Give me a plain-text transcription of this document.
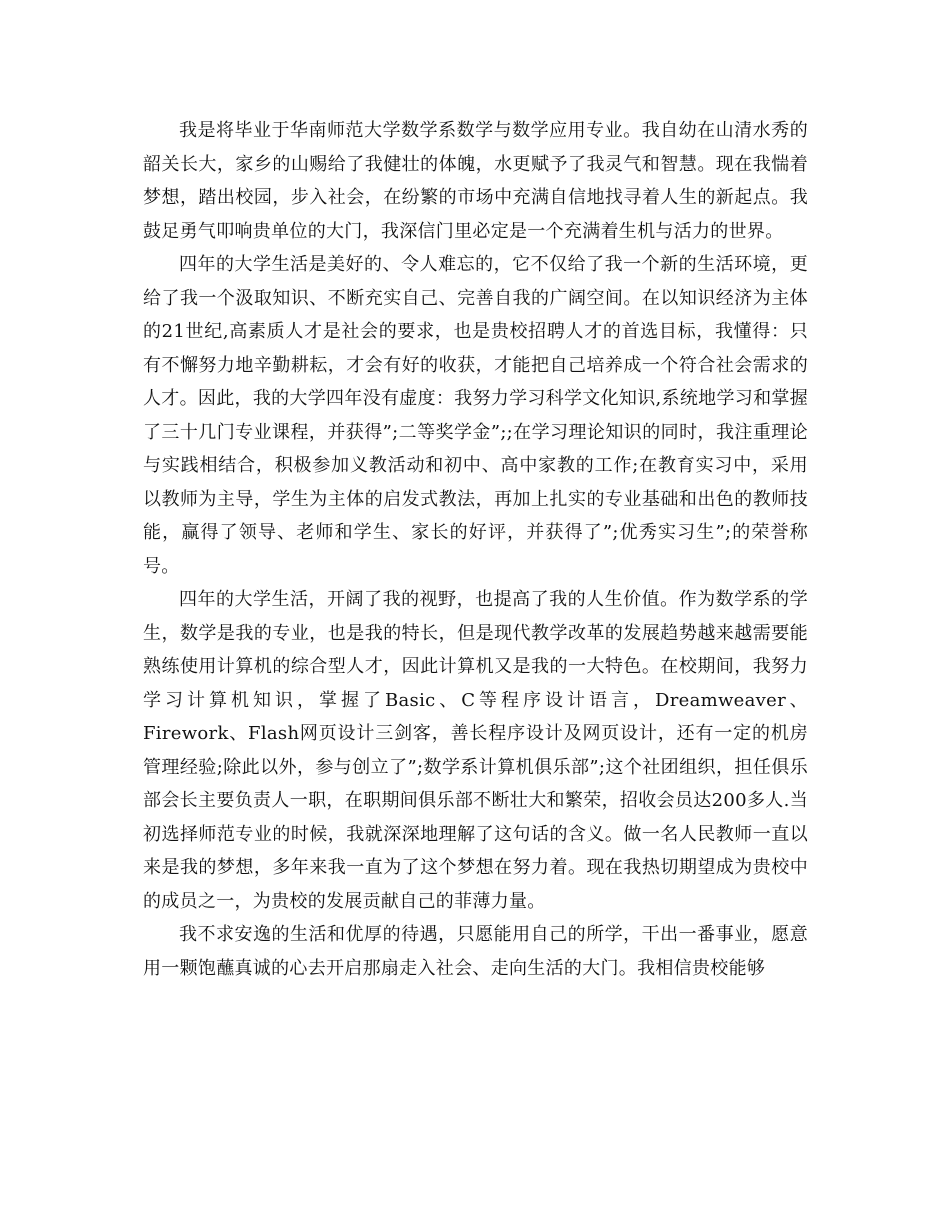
我是将毕业于华南师范大学数学系数学与数学应用专业。我自幼在山清水秀的韶关长大，家乡的山赐给了我健壮的体魄，水更赋予了我灵气和智慧。现在我惴着梦想，踏出校园，步入社会，在纷繁的市场中充满自信地找寻着人生的新起点。我鼓足勇气叩响贵单位的大门，我深信门里必定是一个充满着生机与活力的世界。

四年的大学生活是美好的、令人难忘的，它不仅给了我一个新的生活环境，更给了我一个汲取知识、不断充实自己、完善自我的广阔空间。在以知识经济为主体的21世纪,高素质人才是社会的要求，也是贵校招聘人才的首选目标，我懂得：只有不懈努力地辛勤耕耘，才会有好的收获，才能把自己培养成一个符合社会需求的人才。因此，我的大学四年没有虚度：我努力学习科学文化知识,系统地学习和掌握了三十几门专业课程，并获得”;二等奖学金”;;在学习理论知识的同时，我注重理论与实践相结合，积极参加义教活动和初中、高中家教的工作;在教育实习中，采用以教师为主导，学生为主体的启发式教法，再加上扎实的专业基础和出色的教师技能，赢得了领导、老师和学生、家长的好评，并获得了”;优秀实习生”;的荣誉称号。

四年的大学生活，开阔了我的视野，也提高了我的人生价值。作为数学系的学生，数学是我的专业，也是我的特长，但是现代教学改革的发展趋势越来越需要能熟练使用计算机的综合型人才，因此计算机又是我的一大特色。在校期间，我努力学习计算机知识，掌握了Basic、C等程序设计语言，Dreamweaver、Firework、Flash网页设计三剑客，善长程序设计及网页设计，还有一定的机房管理经验;除此以外，参与创立了”;数学系计算机俱乐部”;这个社团组织，担任俱乐部会长主要负责人一职，在职期间俱乐部不断壮大和繁荣，招收会员达200多人.当初选择师范专业的时候，我就深深地理解了这句话的含义。做一名人民教师一直以来是我的梦想，多年来我一直为了这个梦想在努力着。现在我热切期望成为贵校中的成员之一，为贵校的发展贡献自己的菲薄力量。

我不求安逸的生活和优厚的待遇，只愿能用自己的所学，干出一番事业，愿意用一颗饱蘸真诚的心去开启那扇走入社会、走向生活的大门。我相信贵校能够
